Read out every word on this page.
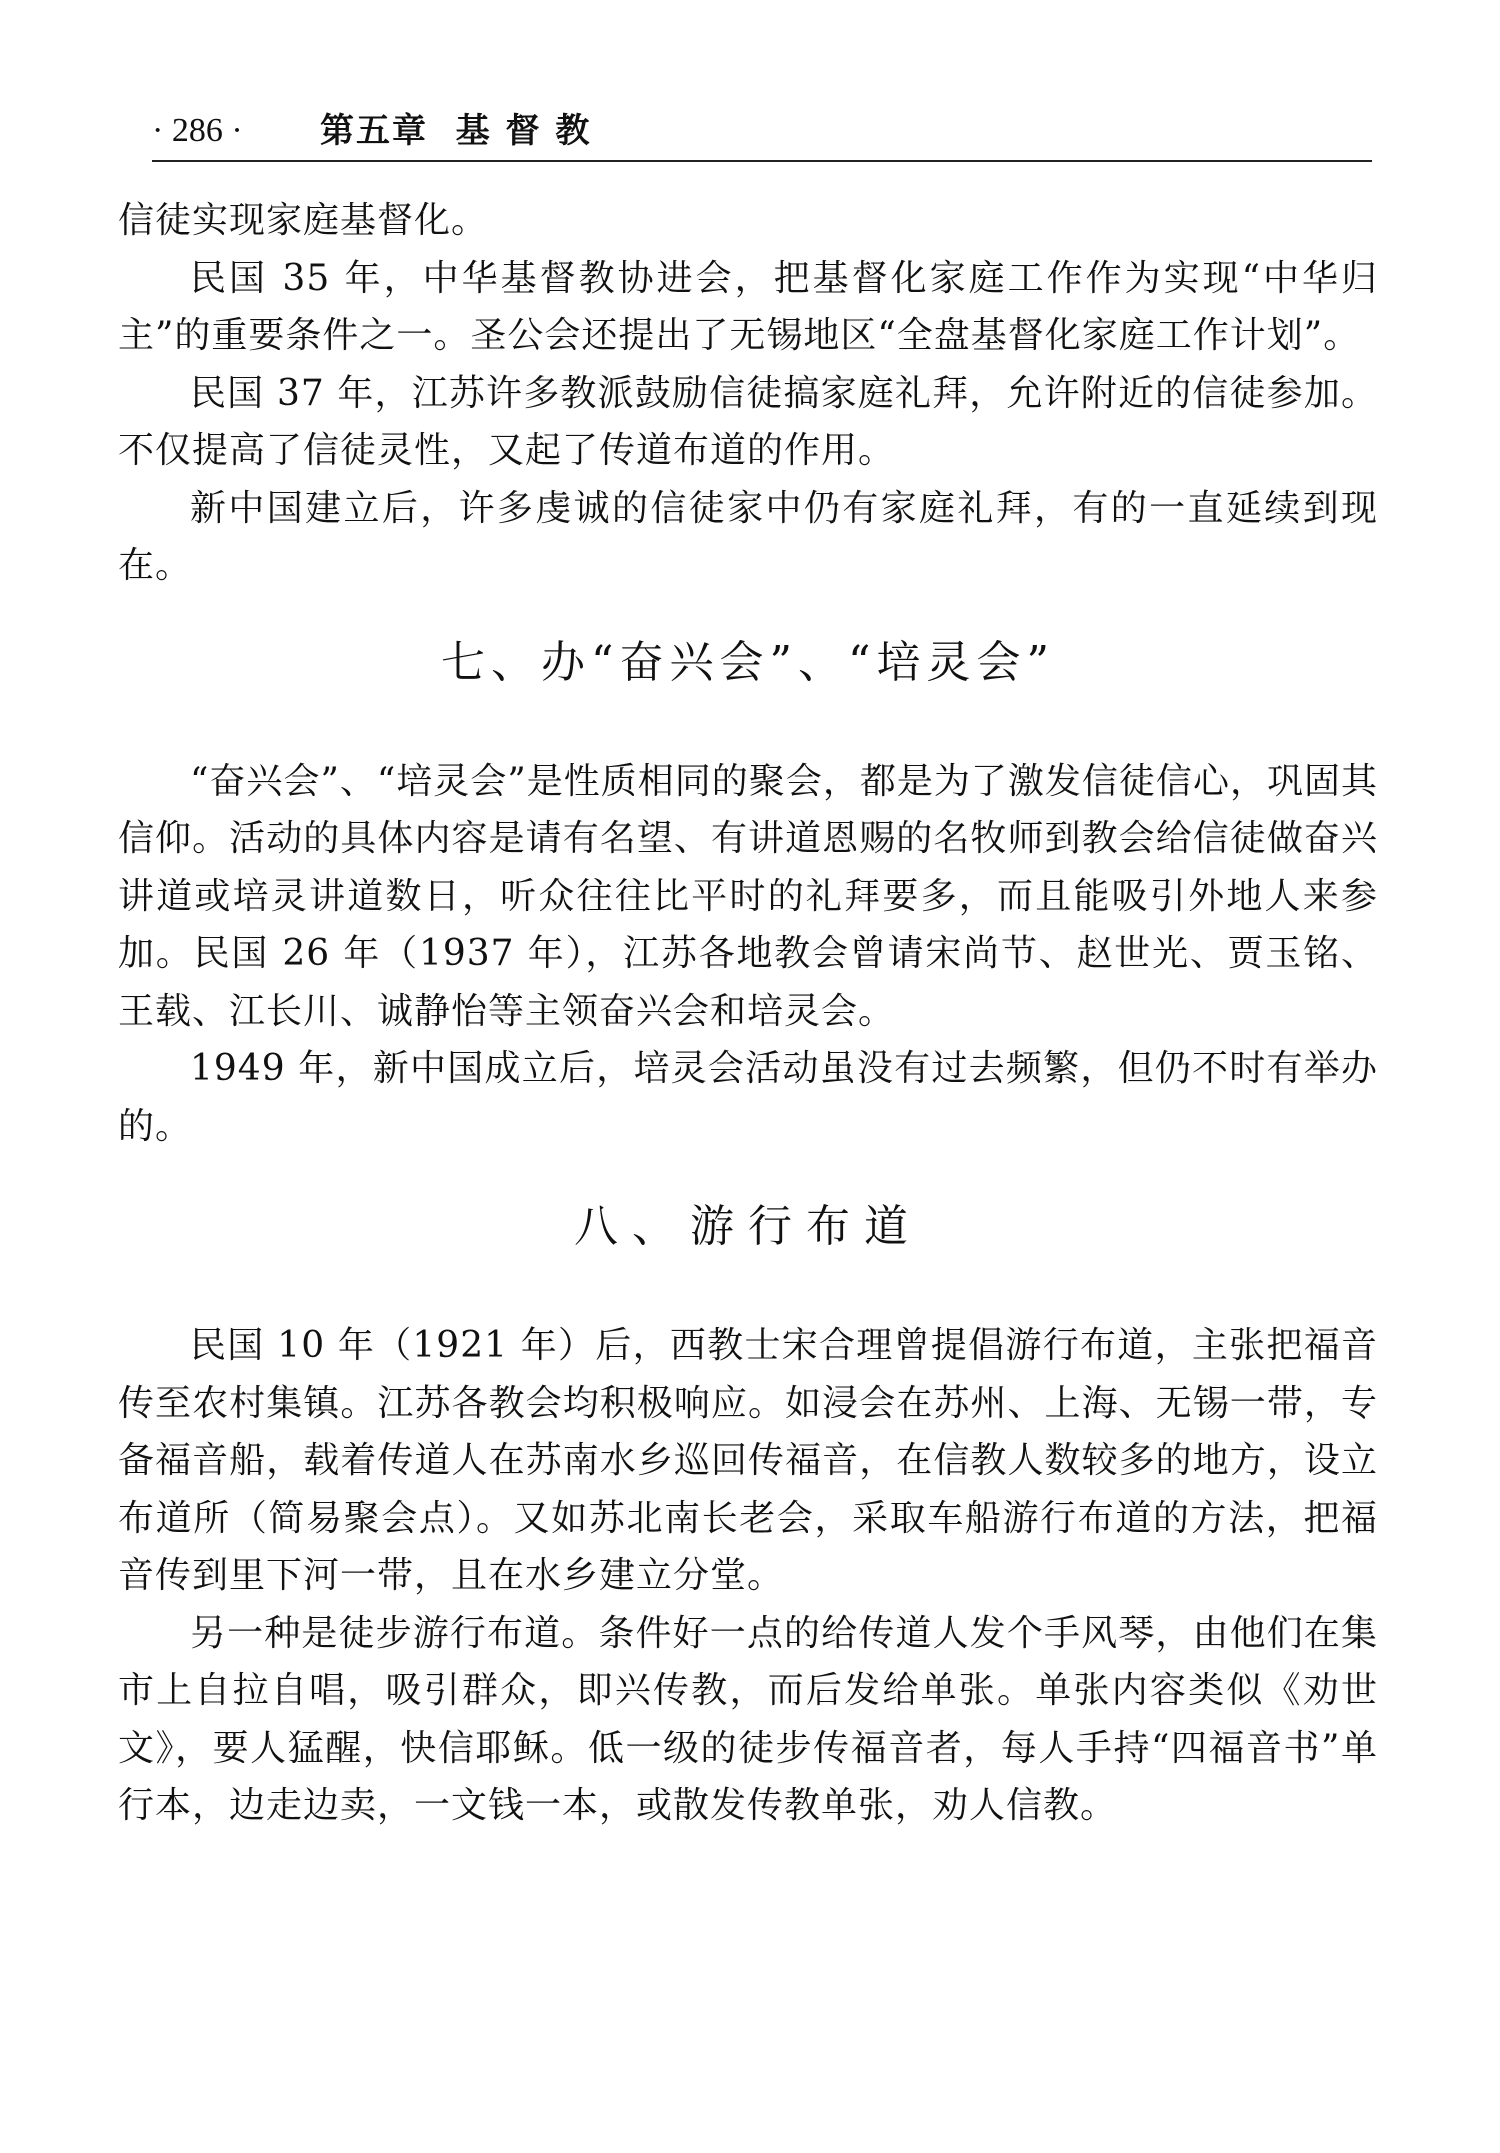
· 286 · 第五章  基 督 教

信徒实现家庭基督化。

民国 35 年，中华基督教协进会，把基督化家庭工作作为实现“中华归主”的重要条件之一。圣公会还提出了无锡地区“全盘基督化家庭工作计划”。

民国 37 年，江苏许多教派鼓励信徒搞家庭礼拜，允许附近的信徒参加。不仅提高了信徒灵性，又起了传道布道的作用。

新中国建立后，许多虔诚的信徒家中仍有家庭礼拜，有的一直延续到现在。

七、办“奋兴会”、“培灵会”

“奋兴会”、“培灵会”是性质相同的聚会，都是为了激发信徒信心，巩固其信仰。活动的具体内容是请有名望、有讲道恩赐的名牧师到教会给信徒做奋兴讲道或培灵讲道数日，听众往往比平时的礼拜要多，而且能吸引外地人来参加。民国 26 年（1937 年），江苏各地教会曾请宋尚节、赵世光、贾玉铭、王载、江长川、诚静怡等主领奋兴会和培灵会。

1949 年，新中国成立后，培灵会活动虽没有过去频繁，但仍不时有举办的。

八、游行布道

民国 10 年（1921 年）后，西教士宋合理曾提倡游行布道，主张把福音传至农村集镇。江苏各教会均积极响应。如浸会在苏州、上海、无锡一带，专备福音船，载着传道人在苏南水乡巡回传福音，在信教人数较多的地方，设立布道所（简易聚会点）。又如苏北南长老会，采取车船游行布道的方法，把福音传到里下河一带，且在水乡建立分堂。

另一种是徒步游行布道。条件好一点的给传道人发个手风琴，由他们在集市上自拉自唱，吸引群众，即兴传教，而后发给单张。单张内容类似《劝世文》，要人猛醒，快信耶稣。低一级的徒步传福音者，每人手持“四福音书”单行本，边走边卖，一文钱一本，或散发传教单张，劝人信教。
